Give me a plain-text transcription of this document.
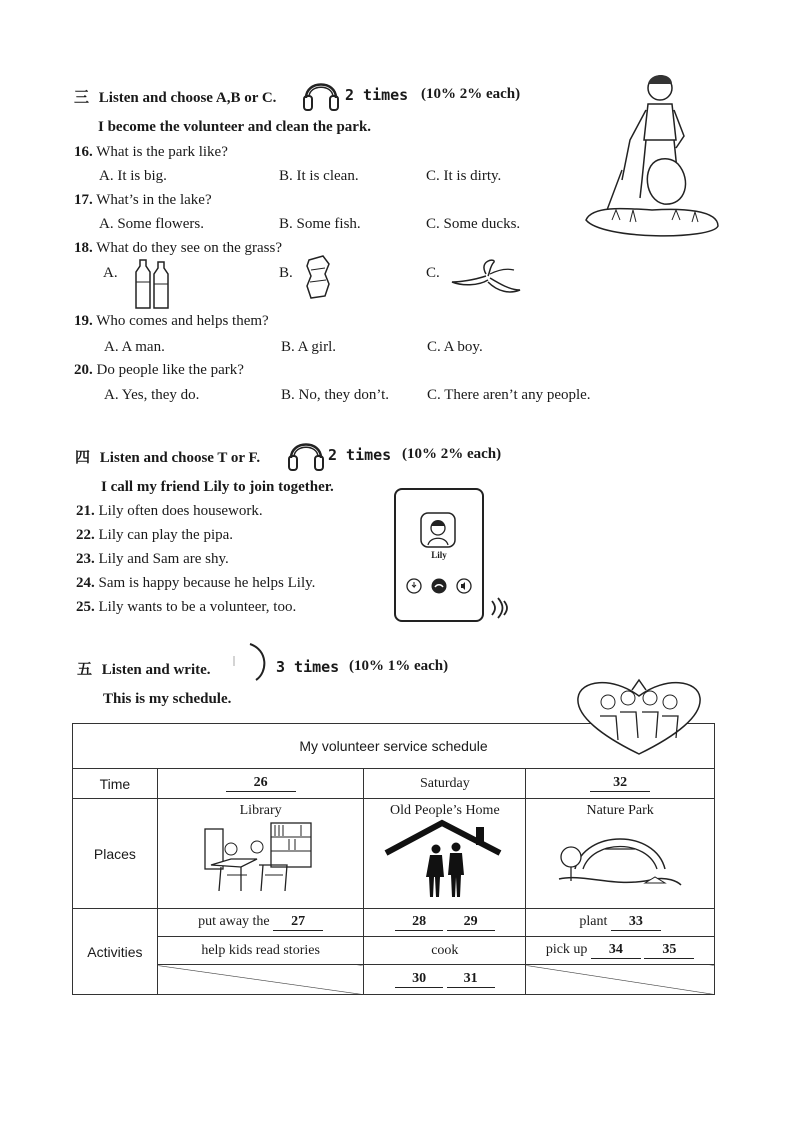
三 Listen and choose A,B or C.	2 times (10% 2% each)
I become the volunteer and clean the park.
16. What is the park like?
A. It is big.	B. It is clean.	C. It is dirty.
17. What’s in the lake?
A. Some flowers.	B. Some fish.	C. Some ducks.
18. What do they see on the grass?
A.	B.	C.
19. Who comes and helps them?
A. A man.	B. A girl.	C. A boy.
20. Do people like the park?
A. Yes, they do.	B. No, they don’t.	C. There aren’t any people.
四 Listen and choose T or F.	2 times (10% 2% each)
I call my friend Lily to join together.
21. Lily often does housework.
22. Lily can play the pipa.
23. Lily and Sam are shy.
24. Sam is happy because he helps Lily.
25. Lily wants to be a volunteer, too.
Lily
五 Listen and write.	3 times (10% 1% each)
This is my schedule.
My volunteer service schedule			
Time	26	Saturday	32
Places	Library	Old People’s Home	Nature Park

Activities	put away the 27	28 29	plant 33
	help kids read stories	cook	pick up 34 35
		30 31	
